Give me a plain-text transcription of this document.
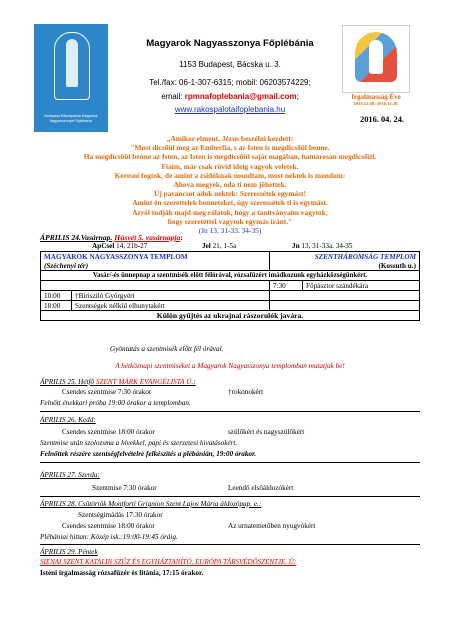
Budapest-Rákospalota Magyarok Nagyasszonya Főplébánia
Irgalmasság Éve
2015.12.08.-2016.11.20.
2016. 04. 24.
Magyarok Nagyasszonya Főplébánia
1153 Budapest, Bácska u. 3.
Tel./fax: 06-1-307-6315; mobil: 06203574229;
email: rpmnafoplebania@gmail.com;
www.rakospalotaifoplebania.hu
„Amikor elment, Jézus beszélni kezdett:
"Most dicsőül meg az Emberfia, s az Isten is megdicsőül benne.
Ha megdicsőül benne az Isten, az Isten is megdicsőíti saját magában, hamarosan megdicsőíti.
Fiaim, már csak rövid ideig vagyok veletek.
Keresni fogtok, de amint a zsidóknak mondtam, most nektek is mondom:
Ahova megyek, oda ti nem jöhettek.
Új parancsot adok nektek: Szeressétek egymást!
Amint én szerettelek benneteket, úgy szeressétek ti is egymást.
Arról tudják majd meg rólatok, hogy a tanítványaim vagytok,
hogy szeretettel vagytok egymás iránt."
(Jn 13, 31-33. 34-35)
ÁPRILIS 24.Vasárnap. Húsvét 5. vasárnapja:
ApCsel 14, 21b-27	Jel 21, 1-5a	Jn 13, 31-33a. 34-35
MAGYAROK NAGYASSZONYA TEMPLOM		SZENTHÁROMSÁG TEMPLOM	
(Széchenyi tér)		(Kossuth u.)	
Vasár/-és ünnepnap a szentmisék előtt félórával, rózsafüzért imádkozunk egyházközségünkért.			
		7:30	Főpásztor szándékára
10:00	†Birisziló Györgyért		
18:00	Szentségek nélkül elhunytakért		
Külön gyűjtés az ukrajnai rászorulók javára.			
Gyóntatás a szentmisék előtt fél órával.
A hétköznapi szentmiséket a Magyarok Nagyasszonya templomban mutatjuk be!
ÁPRILIS 25. Hétfő SZENT MÁRK EVANGÉLISTA Ü.:
Csendes szentmise 7:30 órakor	†rokonokért
Felnőtt énekkari próba 19:00 órakor a templomban.
ÁPRILIS 26. Kedd:
Csendes szentmise 18:00 órakor	szülőkért és nagyszülőkért
Szentmise után szolozsma a hívekkel, papi és szerzetesi hivatásokért.
Felnőttek részére szentségfelvételre felkészítés a plébánián, 19:00 órakor.
ÁPRILIS 27. Szerda:
Szentmise 7:30 órakor	Leendő elsőáldozókért
ÁPRILIS 28. Csütörtök Montforti Grignion Szent Lajos Mária áldozópap. e.:
Szentségimádás 17:30 órakor
Csendes szentmise 18:00 órakor	Az urnatemetőben nyugvókért
Plébániai hittan: Közép isk.:19:00-19:45 óráig.
ÁPRILIS 29. Péntek
SIENAI SZENT KATALIN SZŰZ ÉS EGYHÁZTANÍTÓ, EURÓPA TÁRSVÉDŐSZENTJE. Ü:
Isteni irgalmasság rózsafüzér és litánia, 17:15 órakor.
